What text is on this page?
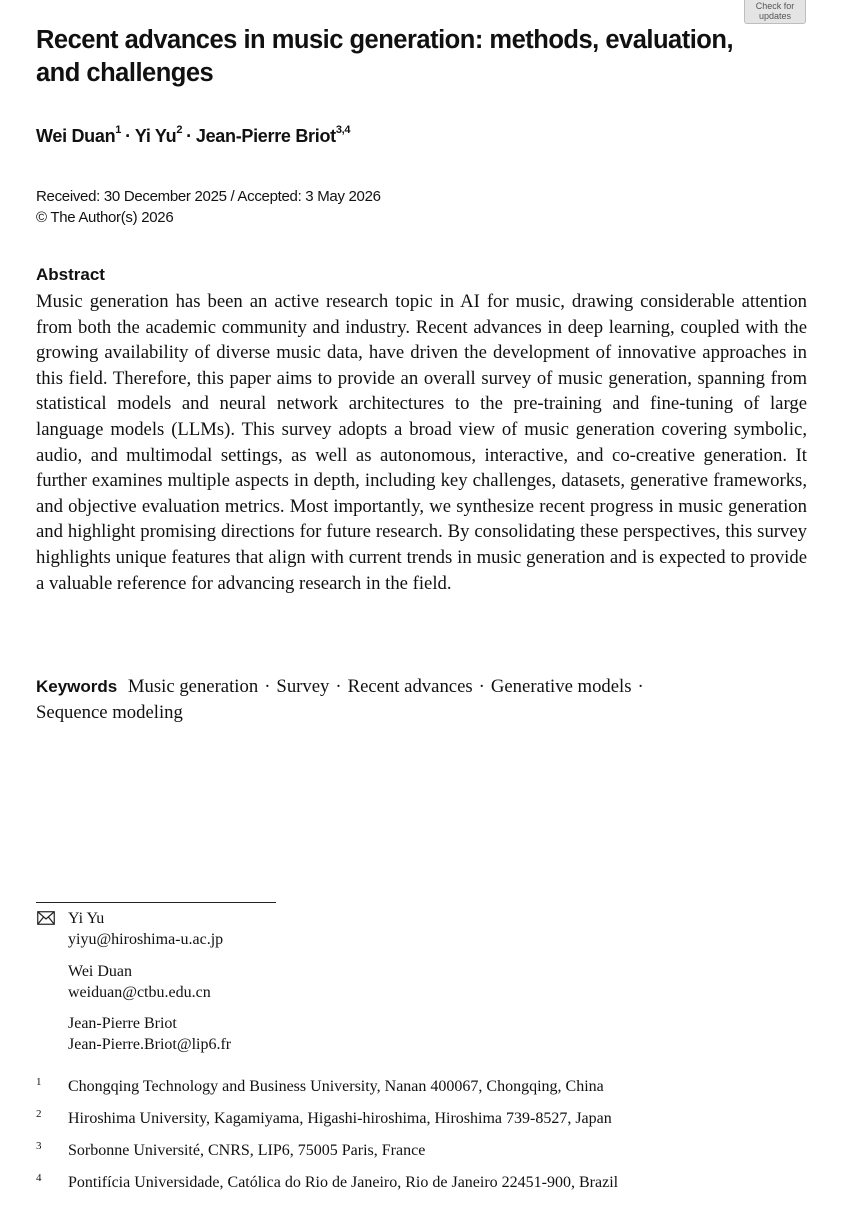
Check for
updates
Recent advances in music generation: methods, evaluation, and challenges

Wei Duan$^1$ · Yi $Yu^2$ · Jean-Pierre Briot$^{3,4}$

Received: 30 December 2025 / Accepted: 3 May 2026
© The Author(s) 2026
Abstract

Music generation has been an active research topic in AI for music, drawing considerable attention from both the academic community and industry. Recent advances in deep learning, coupled with the growing availability of diverse music data, have driven the development of innovative approaches in this field. Therefore, this paper aims to provide an overall survey of music generation, spanning from statistical models and neural network architectures to the pre-training and fine-tuning of large language models (LLMs). This survey adopts a broad view of music generation covering symbolic, audio, and multimodal settings, as well as autonomous, interactive, and co-creative generation. It further examines multiple aspects in depth, including key challenges, datasets, generative frameworks, and objective evaluation metrics. Most importantly, we synthesize recent progress in music generation and highlight promising directions for future research. By consolidating these perspectives, this survey highlights unique features that align with current trends in music generation and is expected to provide a valuable reference for advancing research in the field.

Keywords Music generation · Survey · Recent advances · Generative models ·
Sequence modeling
Yi Yu
yiyu@hiroshima-u.ac.jp
Wei Duan
weiduan@ctbu.edu.cn
Jean-Pierre Briot
Jean-Pierre.Briot@lip6.fr
1 Chongqing Technology and Business University, Nanan 400067, Chongqing, China
2 Hiroshima University, Kagamiyama, Higashi-hiroshima, Hiroshima 739-8527, Japan
3 Sorbonne Université, CNRS, LIP6, 75005 Paris, France
4 Pontifícia Universidade, Católica do Rio de Janeiro, Rio de Janeiro 22451-900, Brazil
